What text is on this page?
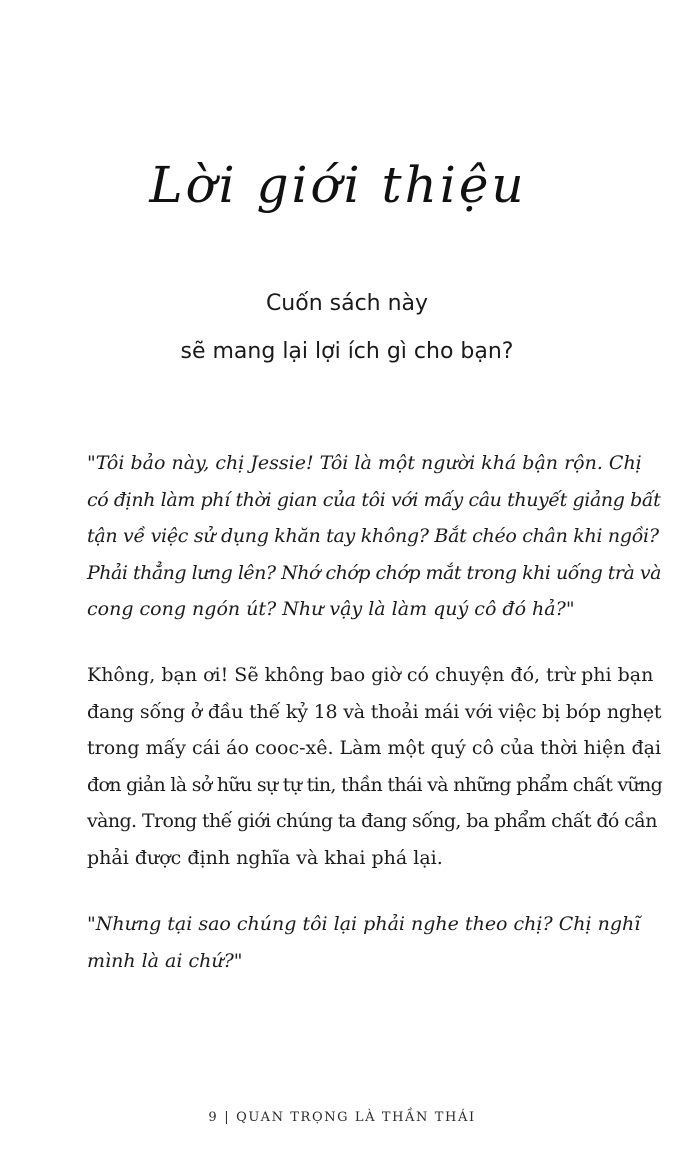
Lời giới thiệu
Cuốn sách này
sẽ mang lại lợi ích gì cho bạn?

"Tôi bảo này, chị Jessie! Tôi là một người khá bận rộn. Chị
có định làm phí thời gian của tôi với mấy câu thuyết giảng bất
tận về việc sử dụng khăn tay không? Bắt chéo chân khi ngồi?
Phải thẳng lưng lên? Nhớ chớp chớp mắt trong khi uống trà và
cong cong ngón út? Như vậy là làm quý cô đó hả?"

Không, bạn ơi! Sẽ không bao giờ có chuyện đó, trừ phi bạn
đang sống ở đầu thế kỷ 18 và thoải mái với việc bị bóp nghẹt
trong mấy cái áo cooc-xê. Làm một quý cô của thời hiện đại
đơn giản là sở hữu sự tự tin, thần thái và những phẩm chất vững
vàng. Trong thế giới chúng ta đang sống, ba phẩm chất đó cần
phải được định nghĩa và khai phá lại.

"Nhưng tại sao chúng tôi lại phải nghe theo chị? Chị nghĩ
mình là ai chứ?"

9 | QUAN TRỌNG LÀ THẦN THÁI
